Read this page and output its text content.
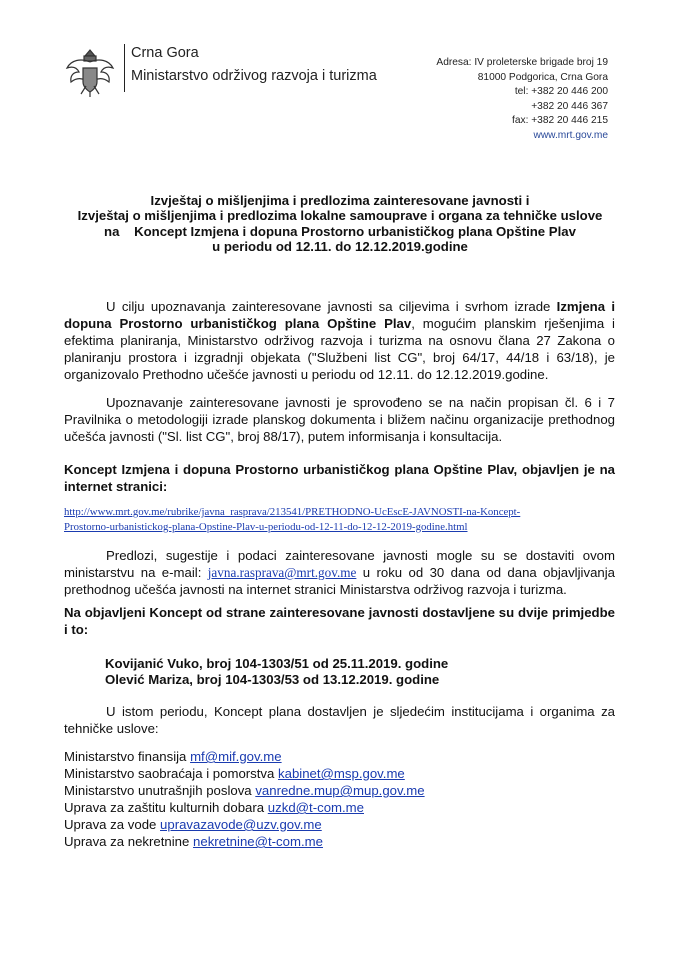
Crna Gora
Ministarstvo održivog razvoja i turizma
Adresa: IV proleterske brigade broj 19
81000 Podgorica, Crna Gora
tel: +382 20 446 200
+382 20 446 367
fax: +382 20 446 215
www.mrt.gov.me
Izvještaj o mišljenjima i predlozima zainteresovane javnosti i
Izvještaj o mišljenjima i predlozima lokalne samouprave i organa za tehničke uslove
na    Koncept Izmjena i dopuna Prostorno urbanističkog plana Opštine Plav
u periodu od 12.11. do 12.12.2019.godine
U cilju upoznavanja zainteresovane javnosti sa ciljevima i svrhom izrade Izmjena i dopuna Prostorno urbanističkog plana Opštine Plav, mogućim planskim rješenjima i efektima planiranja, Ministarstvo održivog razvoja i turizma na osnovu člana 27 Zakona o planiranju prostora i izgradnji objekata ("Službeni list CG", broj 64/17, 44/18 i 63/18), je organizovalo Prethodno učešće javnosti u periodu od 12.11. do 12.12.2019.godine.
Upoznavanje zainteresovane javnosti je sprovođeno se na način propisan čl. 6 i 7 Pravilnika o metodologiji izrade planskog dokumenta i bližem načinu organizacije prethodnog učešća javnosti ("Sl. list CG", broj 88/17), putem informisanja i konsultacija.
Koncept Izmjena i dopuna Prostorno urbanističkog plana Opštine Plav, objavljen je na internet stranici:
http://www.mrt.gov.me/rubrike/javna_rasprava/213541/PRETHODNO-UcEscE-JAVNOSTI-na-Koncept-
Prostorno-urbanistickog-plana-Opstine-Plav-u-periodu-od-12-11-do-12-12-2019-godine.html
Predlozi, sugestije i podaci zainteresovane javnosti mogle su se dostaviti ovom ministarstvu na e-mail: javna.rasprava@mrt.gov.me u roku od 30 dana od dana objavljivanja prethodnog učešća javnosti na internet stranici Ministarstva održivog razvoja i turizma.
Na objavljeni Koncept od strane zainteresovane javnosti dostavljene su dvije primjedbe i to:
Kovijanić Vuko, broj 104-1303/51 od 25.11.2019. godine
Olević Mariza, broj 104-1303/53 od 13.12.2019. godine
U istom periodu, Koncept plana dostavljen je sljedećim institucijama i organima za tehničke uslove:
Ministarstvo finansija mf@mif.gov.me
Ministarstvo saobraćaja i pomorstva kabinet@msp.gov.me
Ministarstvo unutrašnjih poslova vanredne.mup@mup.gov.me
Uprava za zaštitu kulturnih dobara uzkd@t-com.me
Uprava za vode upravazavode@uzv.gov.me
Uprava za nekretnine nekretnine@t-com.me
